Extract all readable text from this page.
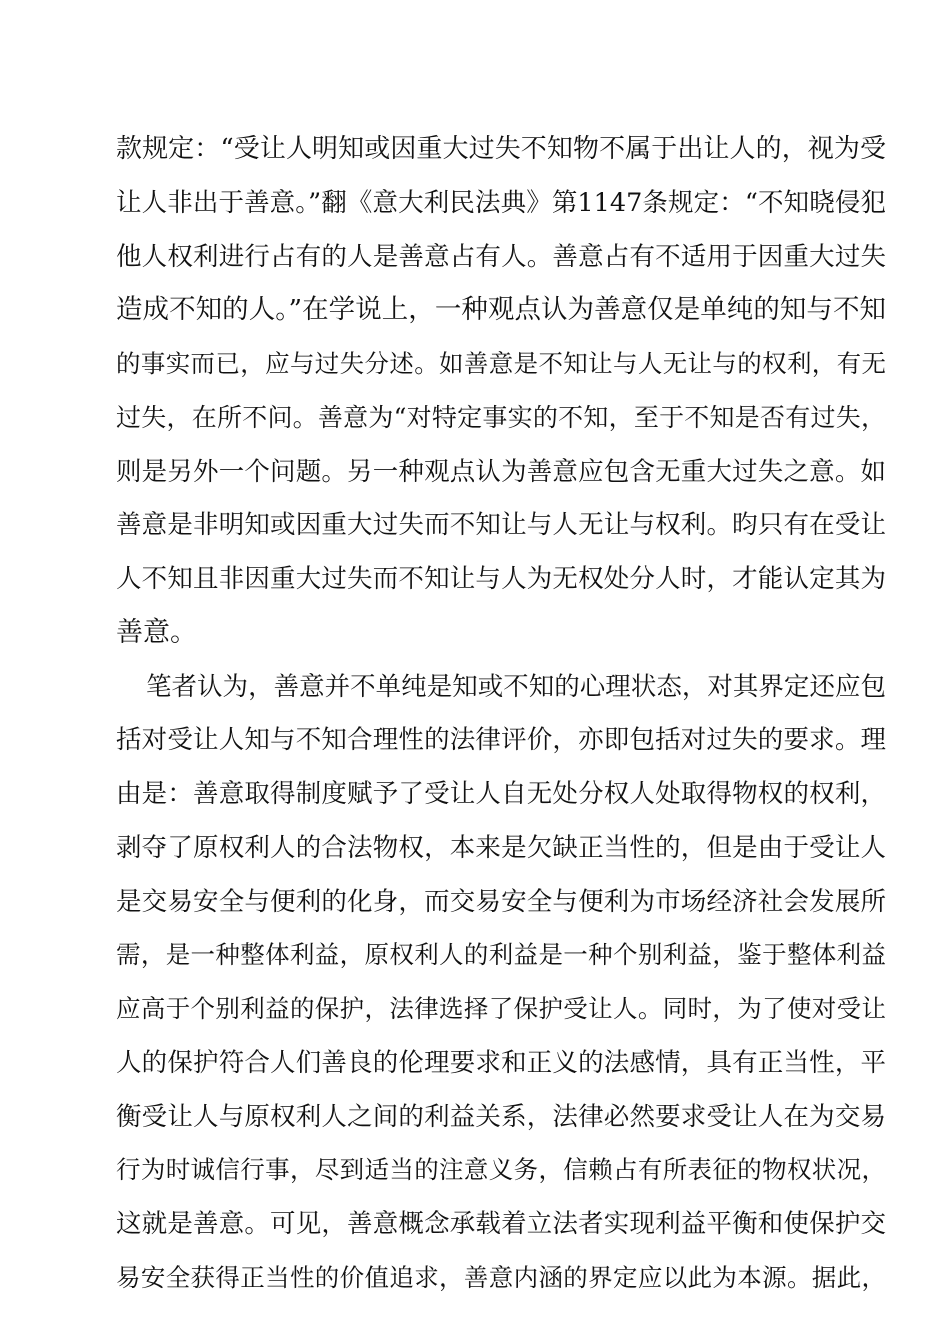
款规定：“受让人明知或因重大过失不知物不属于出让人的，视为受
让人非出于善意。”翻《意大利民法典》第1147条规定：“不知晓侵犯
他人权利进行占有的人是善意占有人。善意占有不适用于因重大过失
造成不知的人。”在学说上，一种观点认为善意仅是单纯的知与不知
的事实而已，应与过失分述。如善意是不知让与人无让与的权利，有无
过失，在所不问。善意为“对特定事实的不知，至于不知是否有过失，
则是另外一个问题。另一种观点认为善意应包含无重大过失之意。如
善意是非明知或因重大过失而不知让与人无让与权利。昀只有在受让
人不知且非因重大过失而不知让与人为无权处分人时，才能认定其为
善意。
笔者认为，善意并不单纯是知或不知的心理状态，对其界定还应包
括对受让人知与不知合理性的法律评价，亦即包括对过失的要求。理
由是：善意取得制度赋予了受让人自无处分权人处取得物权的权利，
剥夺了原权利人的合法物权，本来是欠缺正当性的，但是由于受让人
是交易安全与便利的化身，而交易安全与便利为市场经济社会发展所
需，是一种整体利益，原权利人的利益是一种个别利益，鉴于整体利益
应高于个别利益的保护，法律选择了保护受让人。同时，为了使对受让
人的保护符合人们善良的伦理要求和正义的法感情，具有正当性，平
衡受让人与原权利人之间的利益关系，法律必然要求受让人在为交易
行为时诚信行事，尽到适当的注意义务，信赖占有所表征的物权状况，
这就是善意。可见，善意概念承载着立法者实现利益平衡和使保护交
易安全获得正当性的价值追求，善意内涵的界定应以此为本源。据此，
